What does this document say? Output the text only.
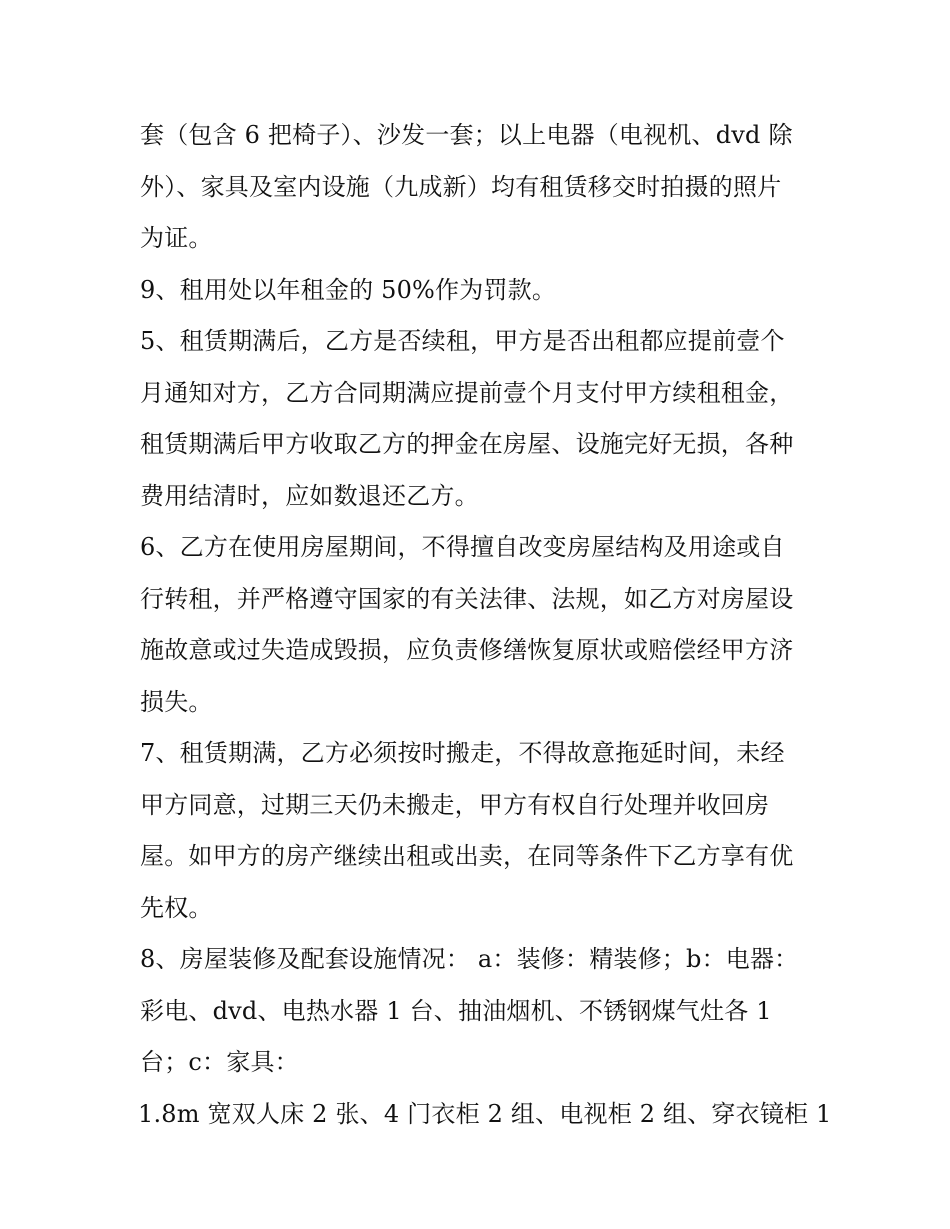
套（包含 6 把椅子）、沙发一套；以上电器（电视机、dvd 除
外）、家具及室内设施（九成新）均有租赁移交时拍摄的照片
为证。
9、租用处以年租金的 50%作为罚款。
5、租赁期满后，乙方是否续租，甲方是否出租都应提前壹个
月通知对方，乙方合同期满应提前壹个月支付甲方续租租金，
租赁期满后甲方收取乙方的押金在房屋、设施完好无损，各种
费用结清时，应如数退还乙方。
6、乙方在使用房屋期间，不得擅自改变房屋结构及用途或自
行转租，并严格遵守国家的有关法律、法规，如乙方对房屋设
施故意或过失造成毁损，应负责修缮恢复原状或赔偿经甲方济
损失。
7、租赁期满，乙方必须按时搬走，不得故意拖延时间，未经
甲方同意，过期三天仍未搬走，甲方有权自行处理并收回房
屋。如甲方的房产继续出租或出卖，在同等条件下乙方享有优
先权。
8、房屋装修及配套设施情况： a：装修：精装修；b：电器：
彩电、dvd、电热水器 1 台、抽油烟机、不锈钢煤气灶各 1
台；c：家具：
1.8m 宽双人床 2 张、4 门衣柜 2 组、电视柜 2 组、穿衣镜柜 1
